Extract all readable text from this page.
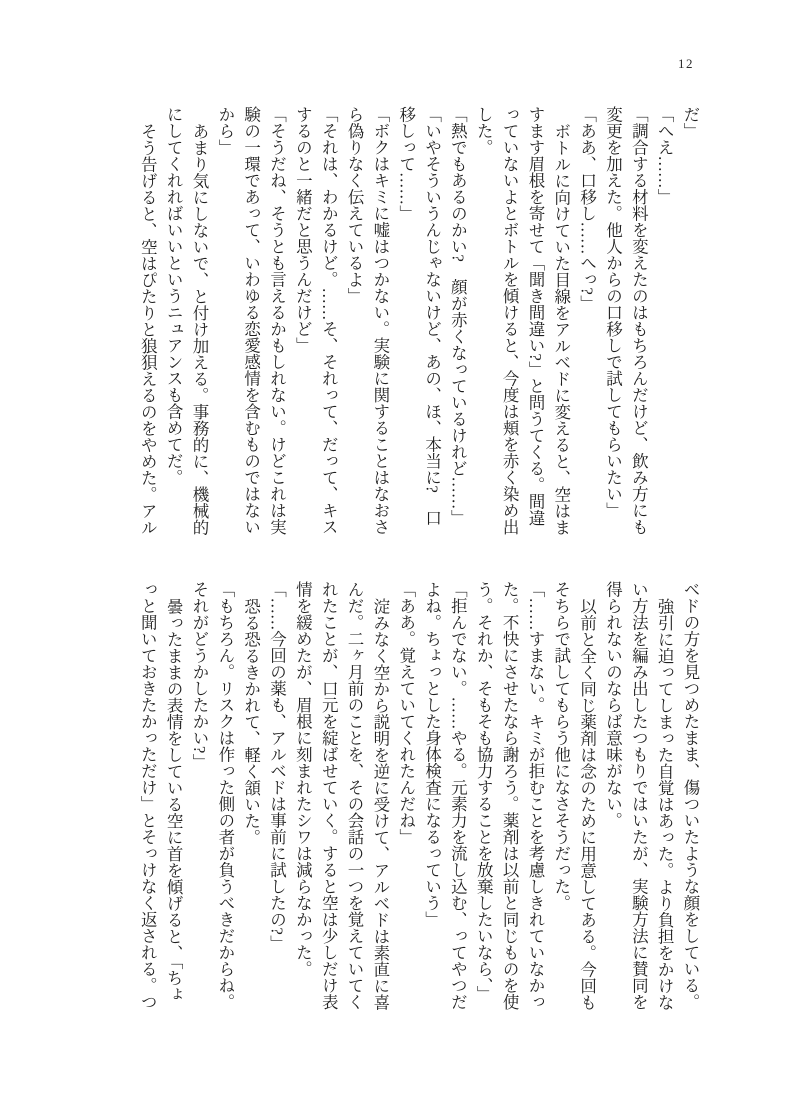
12

だ」

「へえ……」

「調合する材料を変えたのはもちろんだけど、飲み方にも変更を加えた。他人からの口移しで試してもらいたい」

「ああ、口移し……へっ?」

ボトルに向けていた目線をアルベドに変えると、空はますます眉根を寄せて「聞き間違い?」と問うてくる。間違っていないよとボトルを傾けると、今度は頬を赤く染め出した。

「熱でもあるのかい?　顔が赤くなっているけれど……」

「いやそういうんじゃないけど、あの、ほ、本当に?　口移しって……」

「ボクはキミに嘘はつかない。実験に関することはなおさら偽りなく伝えているよ」

「それは、わかるけど。……そ、それって、だって、キスするのと一緒だと思うんだけど」

「そうだね、そうとも言えるかもしれない。けどこれは実験の一環であって、いわゆる恋愛感情を含むものではないから」

あまり気にしないで、と付け加える。事務的に、機械的にしてくれればいいというニュアンスも含めてだ。

そう告げると、空はぴたりと狼狽えるのをやめた。アル

ベドの方を見つめたまま、傷ついたような顔をしている。

強引に迫ってしまった自覚はあった。より負担をかけない方法を編み出したつもりではいたが、実験方法に賛同を得られないのならば意味がない。

以前と全く同じ薬剤は念のために用意してある。今回もそちらで試してもらう他になさそうだった。

「……すまない。キミが拒むことを考慮しきれていなかった。不快にさせたなら謝ろう。薬剤は以前と同じものを使う。それか、そもそも協力することを放棄したいなら、」

「拒んでない。……やる。元素力を流し込む、ってやつだよね。ちょっとした身体検査になるっていう」

「ああ。覚えていてくれたんだね」

淀みなく空から説明を逆に受けて、アルベドは素直に喜んだ。二ヶ月前のことを、その会話の一つを覚えていてくれたことが、口元を綻ばせていく。すると空は少しだけ表情を緩めたが、眉根に刻まれたシワは減らなかった。

「……今回の薬も、アルベドは事前に試したの?」

恐る恐るきかれて、軽く頷いた。

「もちろん。リスクは作った側の者が負うべきだからね。それがどうかしたかい?」

曇ったままの表情をしている空に首を傾げると、「ちょっと聞いておきたかっただけ」とそっけなく返される。つ
